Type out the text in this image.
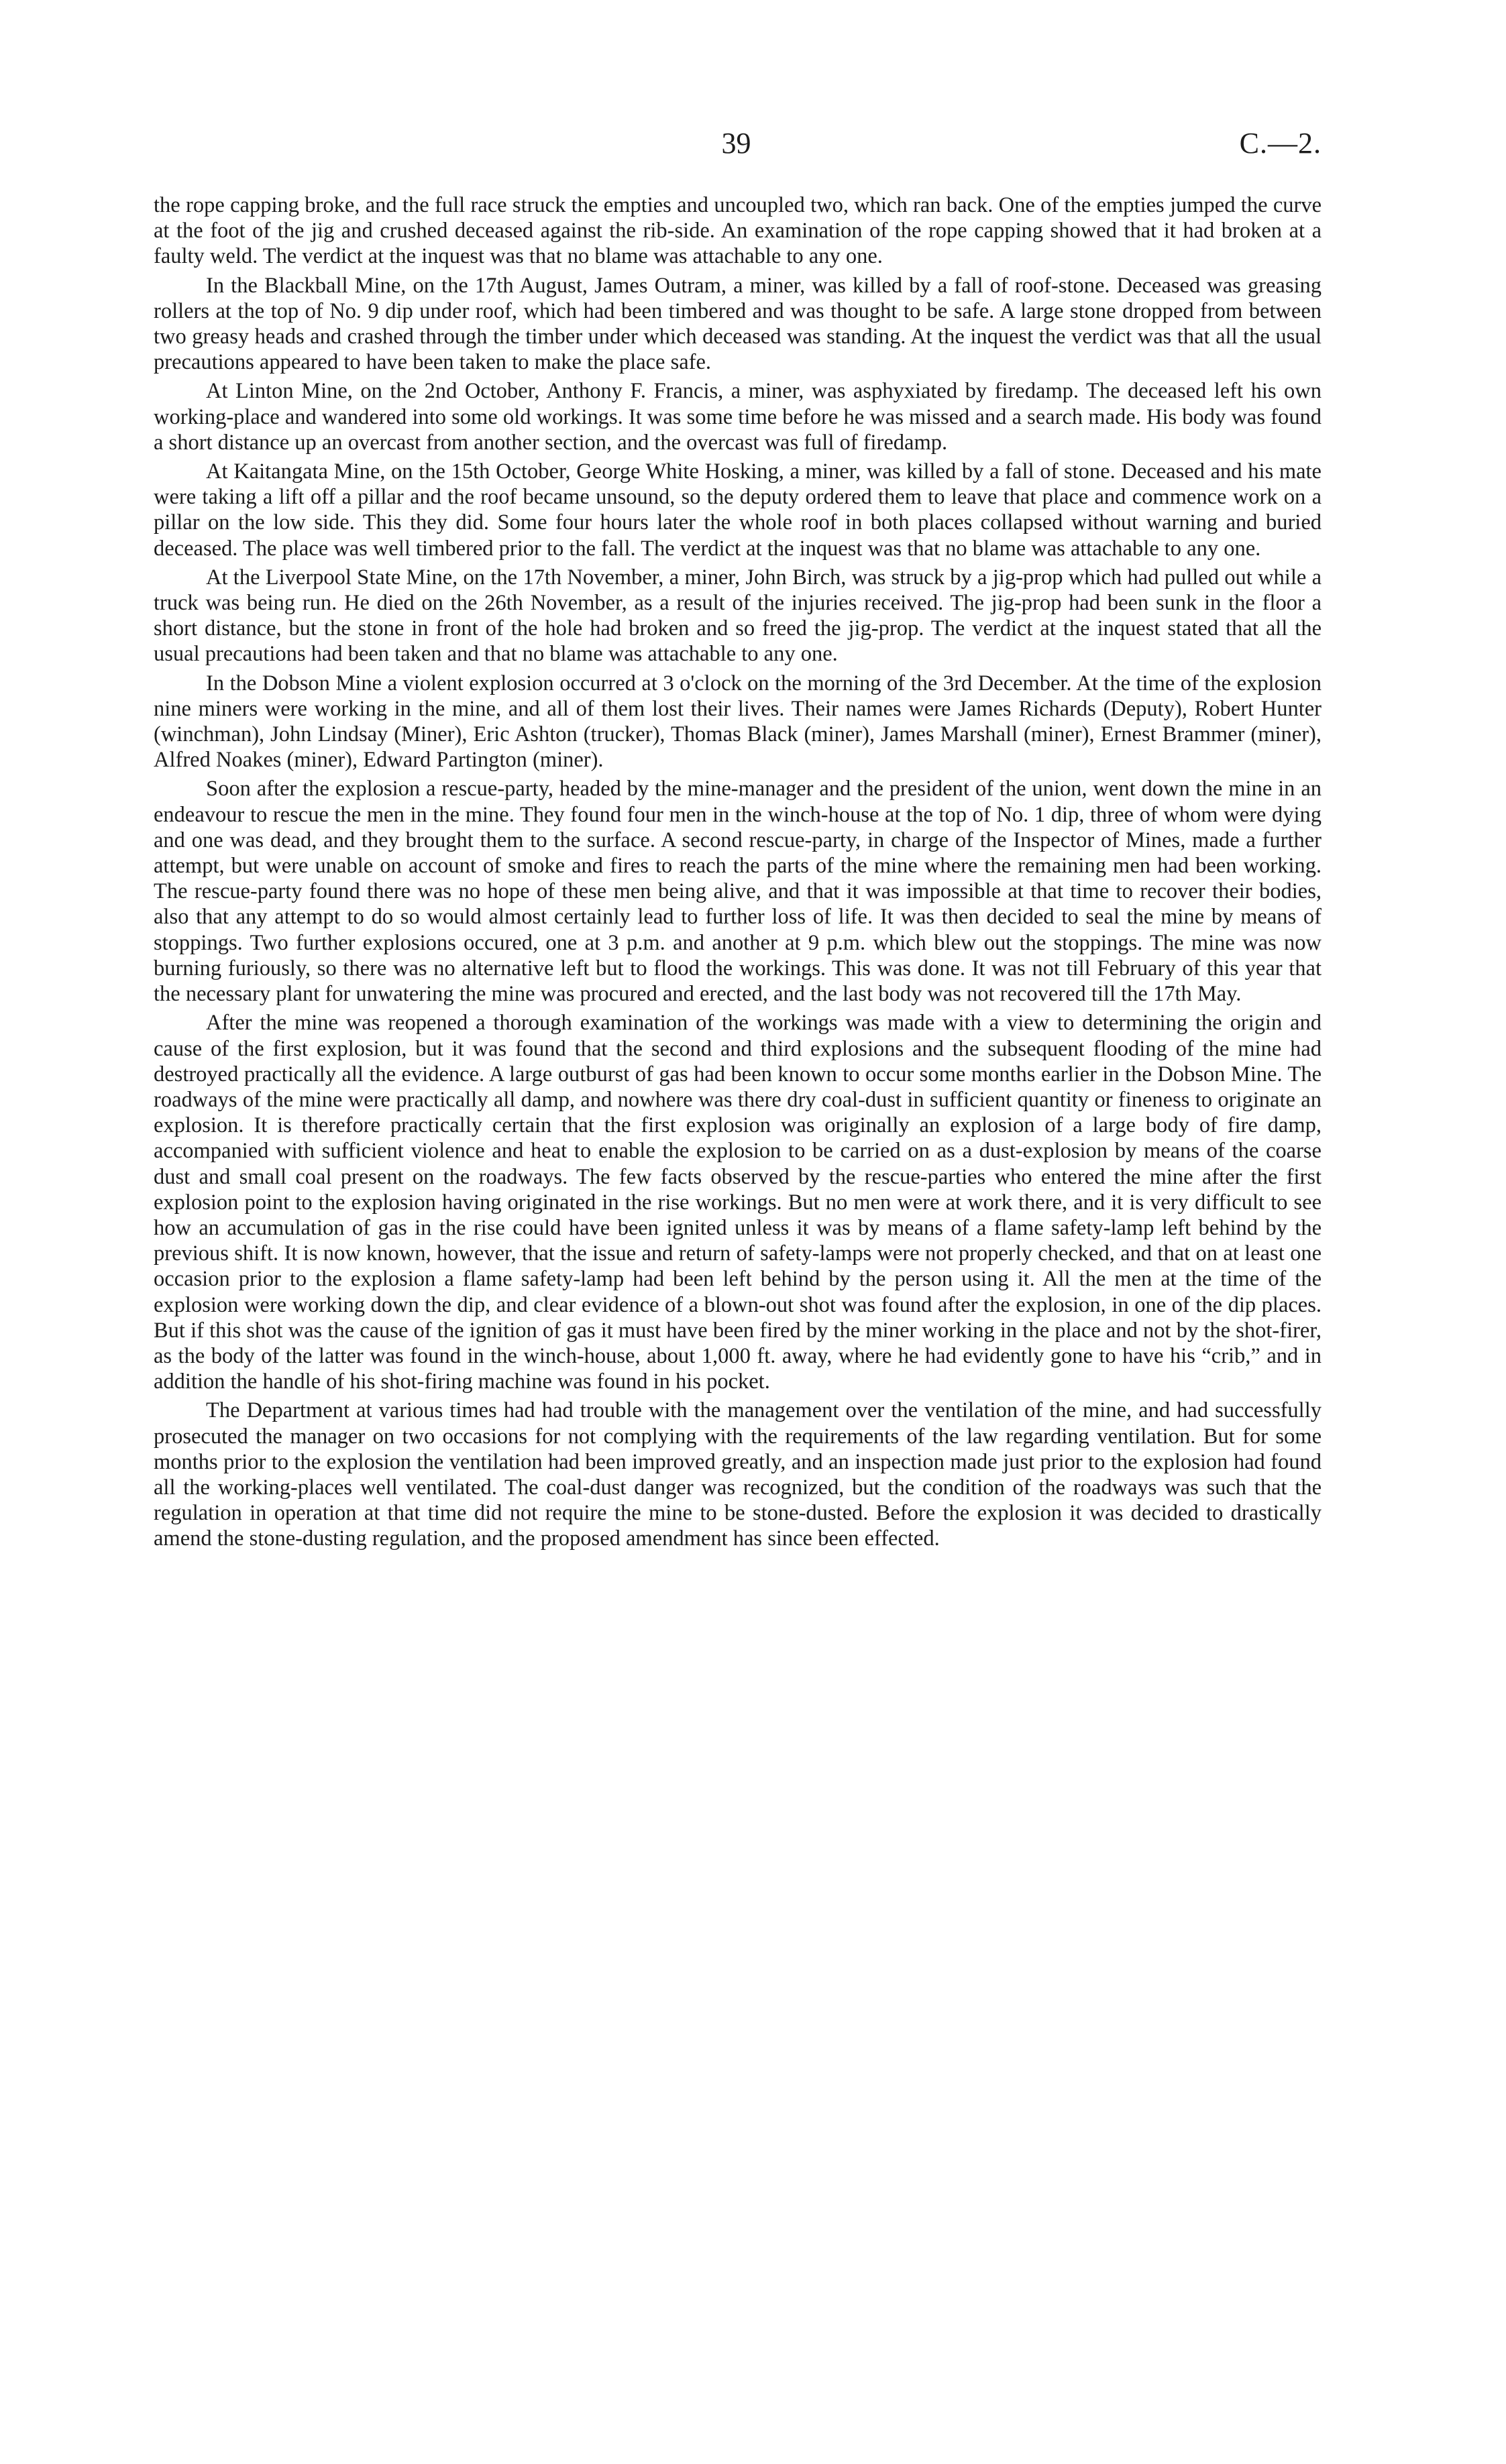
39	C.—2.

the rope capping broke, and the full race struck the empties and uncoupled two, which ran back. One of the empties jumped the curve at the foot of the jig and crushed deceased against the rib-side. An examination of the rope capping showed that it had broken at a faulty weld. The verdict at the inquest was that no blame was attachable to any one.

In the Blackball Mine, on the 17th August, James Outram, a miner, was killed by a fall of roof-stone. Deceased was greasing rollers at the top of No. 9 dip under roof, which had been timbered and was thought to be safe. A large stone dropped from between two greasy heads and crashed through the timber under which deceased was standing. At the inquest the verdict was that all the usual precautions appeared to have been taken to make the place safe.

At Linton Mine, on the 2nd October, Anthony F. Francis, a miner, was asphyxiated by firedamp. The deceased left his own working-place and wandered into some old workings. It was some time before he was missed and a search made. His body was found a short distance up an overcast from another section, and the overcast was full of firedamp.

At Kaitangata Mine, on the 15th October, George White Hosking, a miner, was killed by a fall of stone. Deceased and his mate were taking a lift off a pillar and the roof became unsound, so the deputy ordered them to leave that place and commence work on a pillar on the low side. This they did. Some four hours later the whole roof in both places collapsed without warning and buried deceased. The place was well timbered prior to the fall. The verdict at the inquest was that no blame was attachable to any one.

At the Liverpool State Mine, on the 17th November, a miner, John Birch, was struck by a jig-prop which had pulled out while a truck was being run. He died on the 26th November, as a result of the injuries received. The jig-prop had been sunk in the floor a short distance, but the stone in front of the hole had broken and so freed the jig-prop. The verdict at the inquest stated that all the usual precautions had been taken and that no blame was attachable to any one.

In the Dobson Mine a violent explosion occurred at 3 o'clock on the morning of the 3rd December. At the time of the explosion nine miners were working in the mine, and all of them lost their lives. Their names were James Richards (Deputy), Robert Hunter (winchman), John Lindsay (Miner), Eric Ashton (trucker), Thomas Black (miner), James Marshall (miner), Ernest Brammer (miner), Alfred Noakes (miner), Edward Partington (miner).

Soon after the explosion a rescue-party, headed by the mine-manager and the president of the union, went down the mine in an endeavour to rescue the men in the mine. They found four men in the winch-house at the top of No. 1 dip, three of whom were dying and one was dead, and they brought them to the surface. A second rescue-party, in charge of the Inspector of Mines, made a further attempt, but were unable on account of smoke and fires to reach the parts of the mine where the remaining men had been working. The rescue-party found there was no hope of these men being alive, and that it was impossible at that time to recover their bodies, also that any attempt to do so would almost certainly lead to further loss of life. It was then decided to seal the mine by means of stoppings. Two further explosions occured, one at 3 p.m. and another at 9 p.m. which blew out the stoppings. The mine was now burning furiously, so there was no alternative left but to flood the workings. This was done. It was not till February of this year that the necessary plant for unwatering the mine was procured and erected, and the last body was not recovered till the 17th May.

After the mine was reopened a thorough examination of the workings was made with a view to determining the origin and cause of the first explosion, but it was found that the second and third explosions and the subsequent flooding of the mine had destroyed practically all the evidence. A large outburst of gas had been known to occur some months earlier in the Dobson Mine. The roadways of the mine were practically all damp, and nowhere was there dry coal-dust in sufficient quantity or fineness to originate an explosion. It is therefore practically certain that the first explosion was originally an explosion of a large body of fire damp, accompanied with sufficient violence and heat to enable the explosion to be carried on as a dust-explosion by means of the coarse dust and small coal present on the roadways. The few facts observed by the rescue-parties who entered the mine after the first explosion point to the explosion having originated in the rise workings. But no men were at work there, and it is very difficult to see how an accumulation of gas in the rise could have been ignited unless it was by means of a flame safety-lamp left behind by the previous shift. It is now known, however, that the issue and return of safety-lamps were not properly checked, and that on at least one occasion prior to the explosion a flame safety-lamp had been left behind by the person using it. All the men at the time of the explosion were working down the dip, and clear evidence of a blown-out shot was found after the explosion, in one of the dip places. But if this shot was the cause of the ignition of gas it must have been fired by the miner working in the place and not by the shot-firer, as the body of the latter was found in the winch-house, about 1,000 ft. away, where he had evidently gone to have his “crib,” and in addition the handle of his shot-firing machine was found in his pocket.

The Department at various times had had trouble with the management over the ventilation of the mine, and had successfully prosecuted the manager on two occasions for not complying with the requirements of the law regarding ventilation. But for some months prior to the explosion the ventilation had been improved greatly, and an inspection made just prior to the explosion had found all the working-places well ventilated. The coal-dust danger was recognized, but the condition of the roadways was such that the regulation in operation at that time did not require the mine to be stone-dusted. Before the explosion it was decided to drastically amend the stone-dusting regulation, and the proposed amendment has since been effected.
